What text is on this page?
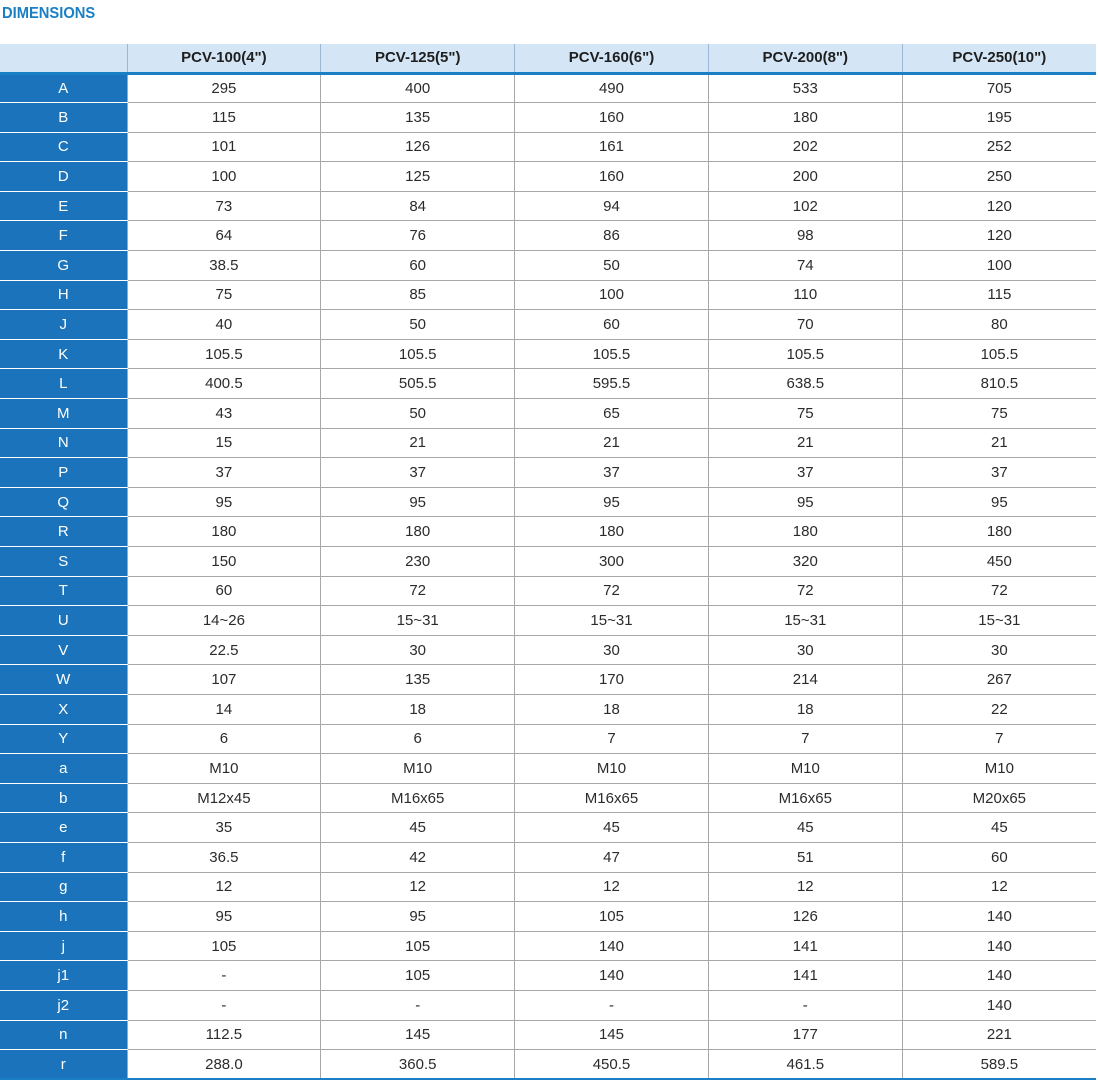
DIMENSIONS
	PCV-100(4")	PCV-125(5")	PCV-160(6")	PCV-200(8")	PCV-250(10")
A	295	400	490	533	705
B	115	135	160	180	195
C	101	126	161	202	252
D	100	125	160	200	250
E	73	84	94	102	120
F	64	76	86	98	120
G	38.5	60	50	74	100
H	75	85	100	110	115
J	40	50	60	70	80
K	105.5	105.5	105.5	105.5	105.5
L	400.5	505.5	595.5	638.5	810.5
M	43	50	65	75	75
N	15	21	21	21	21
P	37	37	37	37	37
Q	95	95	95	95	95
R	180	180	180	180	180
S	150	230	300	320	450
T	60	72	72	72	72
U	14~26	15~31	15~31	15~31	15~31
V	22.5	30	30	30	30
W	107	135	170	214	267
X	14	18	18	18	22
Y	6	6	7	7	7
a	M10	M10	M10	M10	M10
b	M12x45	M16x65	M16x65	M16x65	M20x65
e	35	45	45	45	45
f	36.5	42	47	51	60
g	12	12	12	12	12
h	95	95	105	126	140
j	105	105	140	141	140
j1	-	105	140	141	140
j2	-	-	-	-	140
n	112.5	145	145	177	221
r	288.0	360.5	450.5	461.5	589.5
